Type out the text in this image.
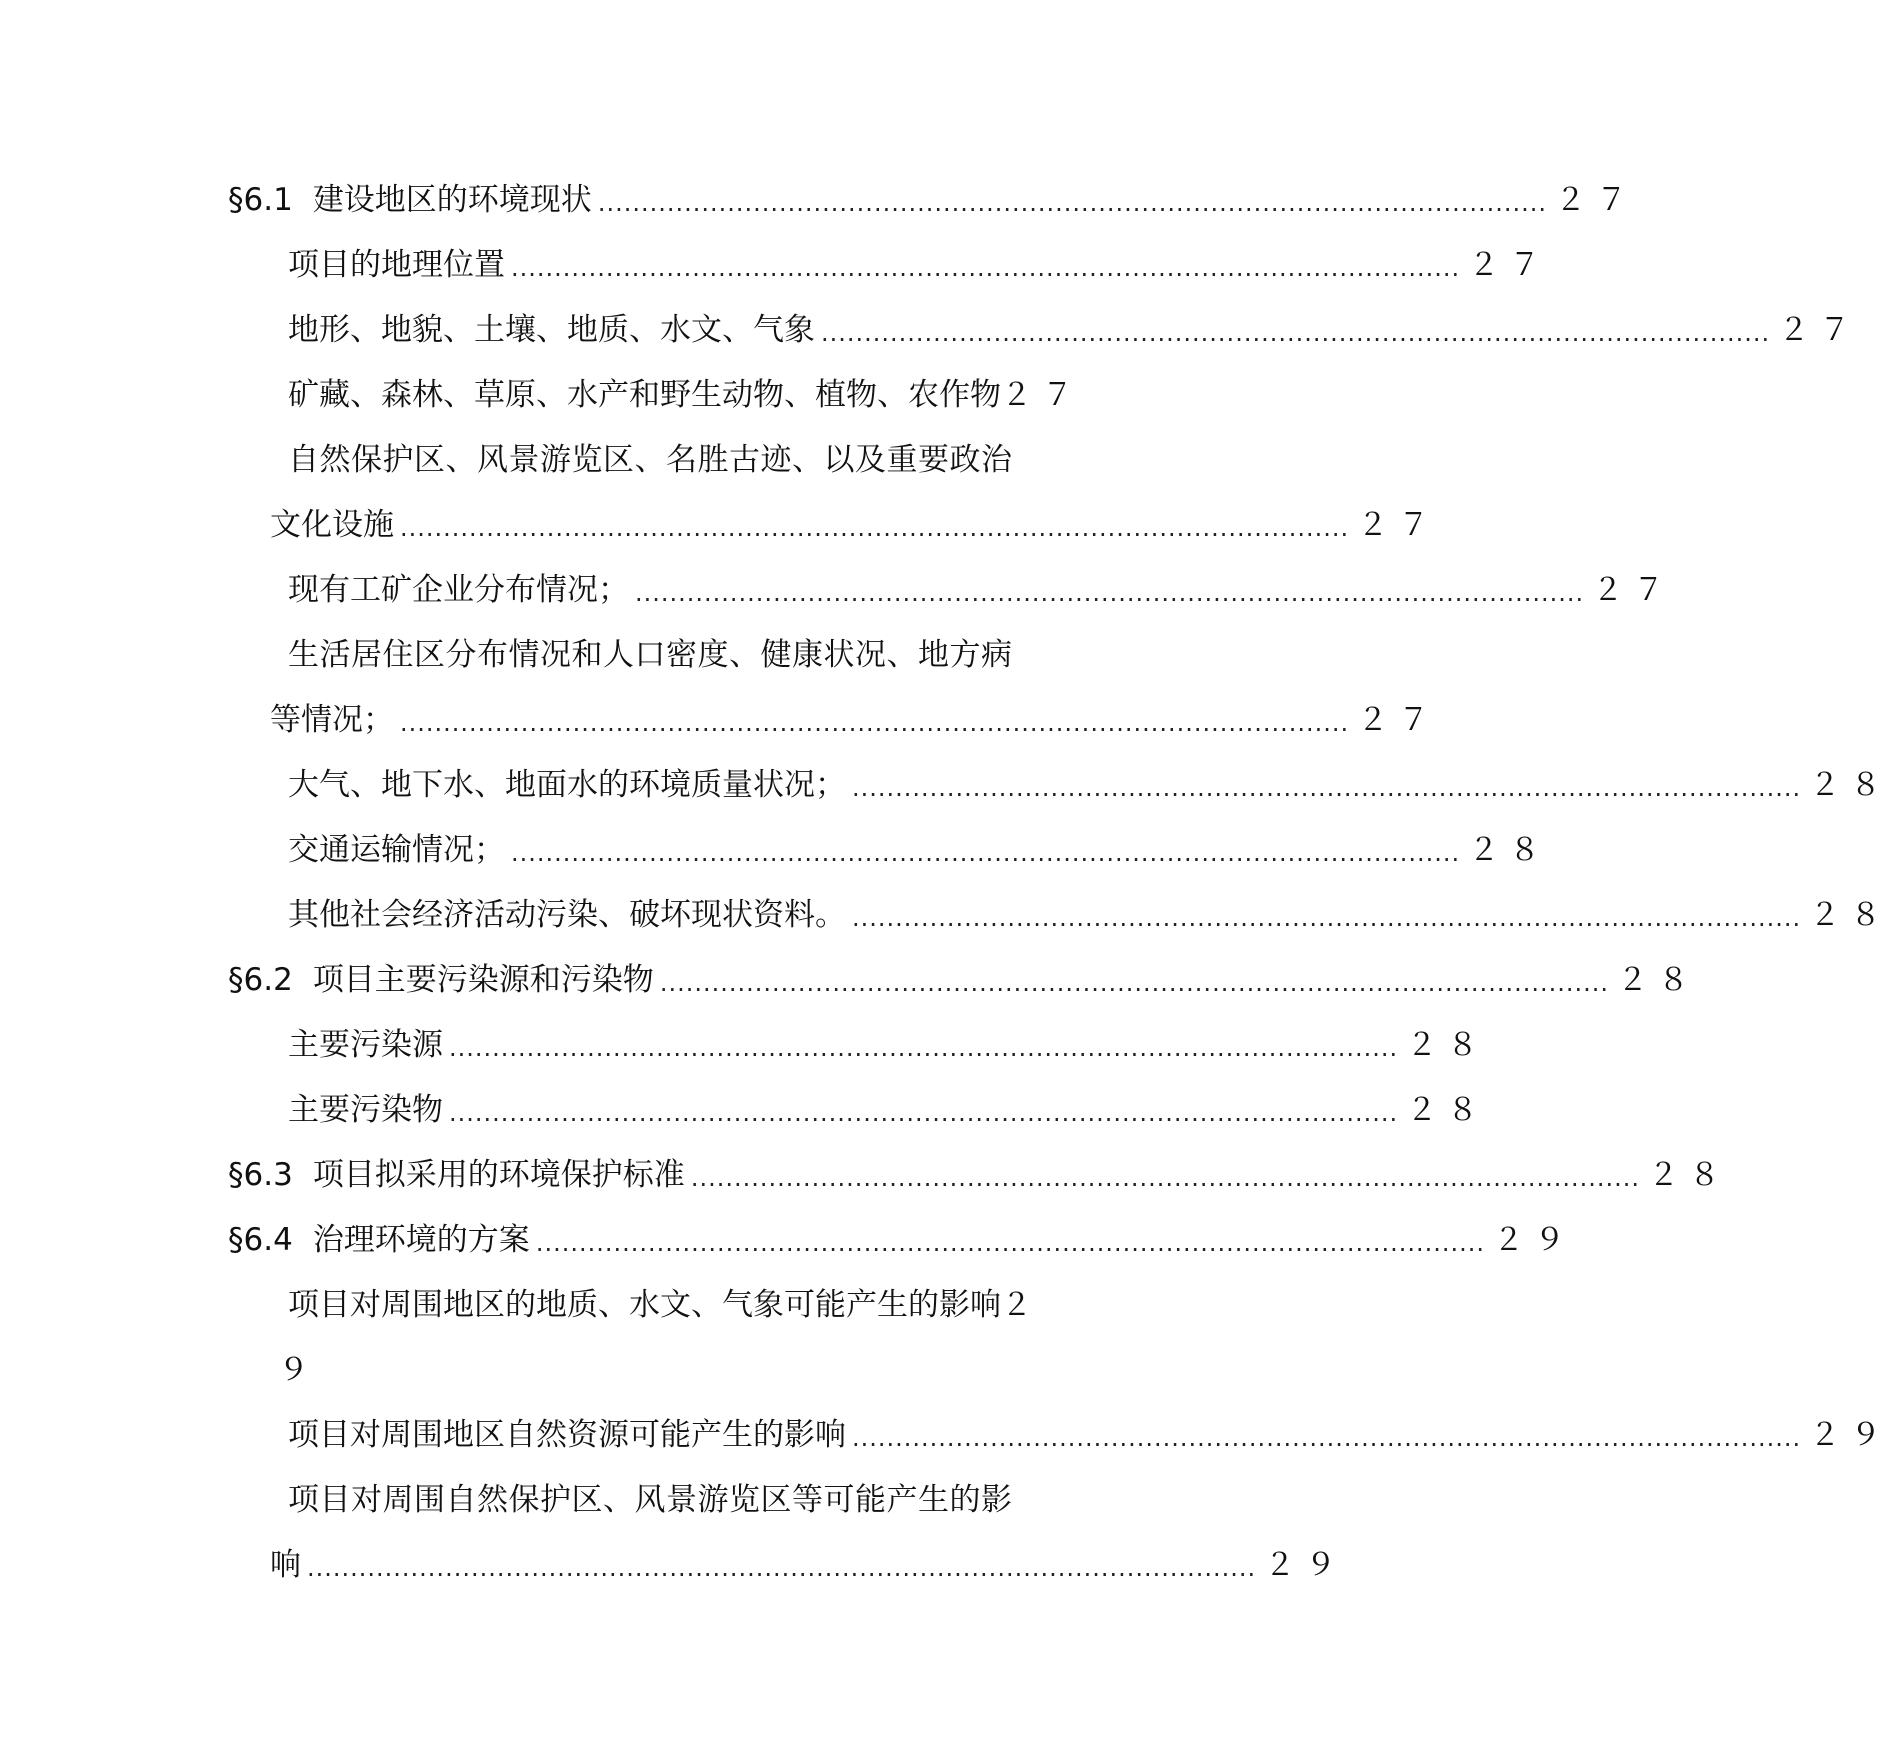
§6.1 建设地区的环境现状 .............................................................................................................. ２７
项目的地理位置 .............................................................................................................. ２７
地形、地貌、土壤、地质、水文、气象 .............................................................................................................. ２７
矿藏、森林、草原、水产和野生动物、植物、农作物 ２７
自然保护区、风景游览区、名胜古迹、以及重要政治
文化设施 .............................................................................................................. ２７
现有工矿企业分布情况； .............................................................................................................. ２７
生活居住区分布情况和人口密度、健康状况、地方病
等情况； .............................................................................................................. ２７
大气、地下水、地面水的环境质量状况； .............................................................................................................. ２８
交通运输情况； .............................................................................................................. ２８
其他社会经济活动污染、破坏现状资料。 .............................................................................................................. ２８
§6.2 项目主要污染源和污染物 .............................................................................................................. ２８
主要污染源 .............................................................................................................. ２８
主要污染物 .............................................................................................................. ２８
§6.3 项目拟采用的环境保护标准 .............................................................................................................. ２８
§6.4 治理环境的方案 .............................................................................................................. ２９
项目对周围地区的地质、水文、气象可能产生的影响２
９
项目对周围地区自然资源可能产生的影响 .............................................................................................................. ２９
项目对周围自然保护区、风景游览区等可能产生的影
响 .............................................................................................................. ２９
